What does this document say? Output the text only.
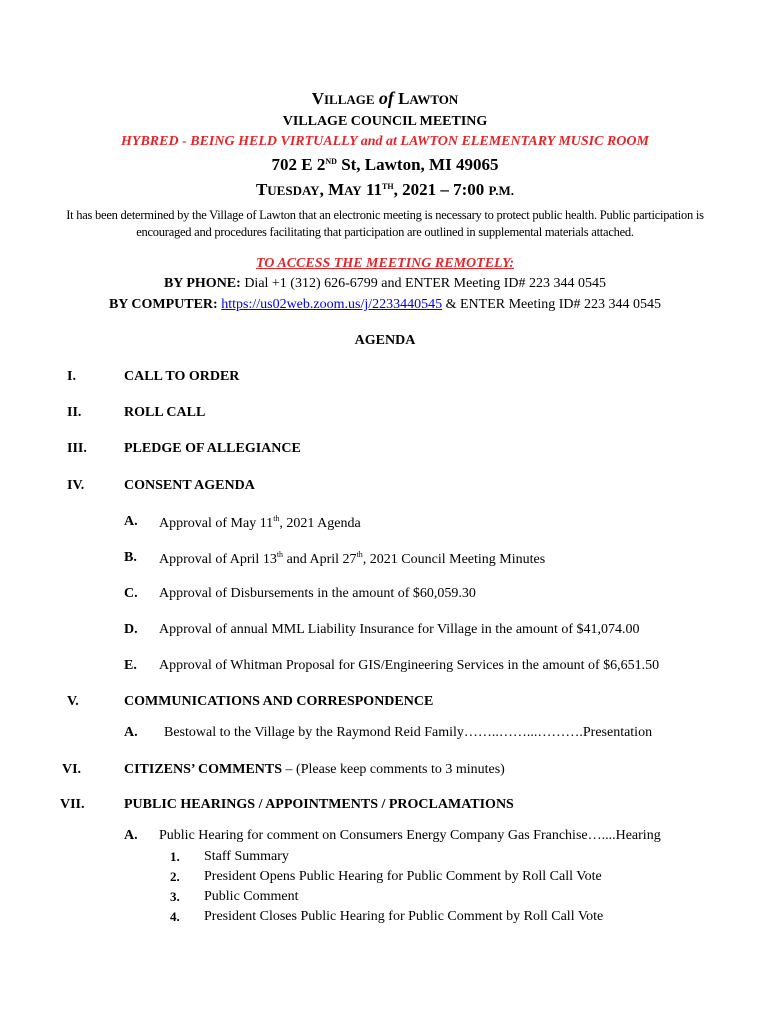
VILLAGE of LAWTON
VILLAGE COUNCIL MEETING
HYBRED - BEING HELD VIRTUALLY and at LAWTON ELEMENTARY MUSIC ROOM
702 E 2ND St, Lawton, MI 49065
TUESDAY, MAY 11TH, 2021 – 7:00 P.M.
It has been determined by the Village of Lawton that an electronic meeting is necessary to protect public health. Public participation is encouraged and procedures facilitating that participation are outlined in supplemental materials attached.
TO ACCESS THE MEETING REMOTELY:
BY PHONE: Dial +1 (312) 626-6799 and ENTER Meeting ID# 223 344 0545
BY COMPUTER: https://us02web.zoom.us/j/2233440545 & ENTER Meeting ID# 223 344 0545
AGENDA
I.	CALL TO ORDER
II.	ROLL CALL
III.	PLEDGE OF ALLEGIANCE
IV.	CONSENT AGENDA
A. Approval of May 11th, 2021 Agenda
B. Approval of April 13th and April 27th, 2021 Council Meeting Minutes
C. Approval of Disbursements in the amount of $60,059.30
D. Approval of annual MML Liability Insurance for Village in the amount of $41,074.00
E. Approval of Whitman Proposal for GIS/Engineering Services in the amount of $6,651.50
V.	COMMUNICATIONS AND CORRESPONDENCE
A. Bestowal to the Village by the Raymond Reid Family……..……...……….Presentation
VI.	CITIZENS’ COMMENTS – (Please keep comments to 3 minutes)
VII.	PUBLIC HEARINGS / APPOINTMENTS / PROCLAMATIONS
A. Public Hearing for comment on Consumers Energy Company Gas Franchise…....Hearing
1. Staff Summary
2. President Opens Public Hearing for Public Comment by Roll Call Vote
3. Public Comment
4. President Closes Public Hearing for Public Comment by Roll Call Vote
